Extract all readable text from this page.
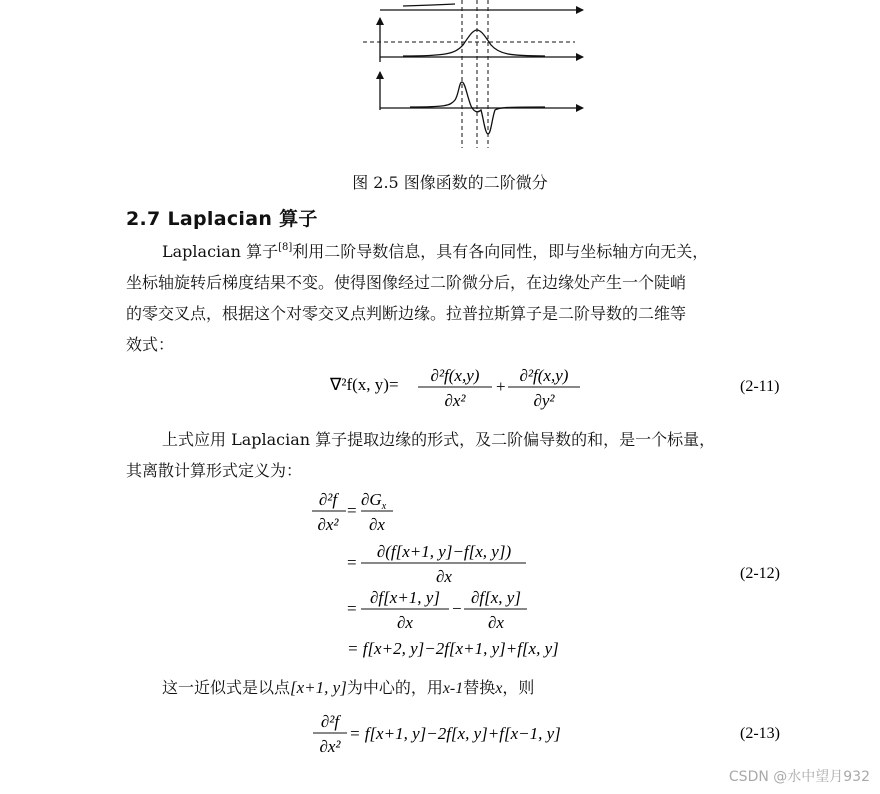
图 2.5 图像函数的二阶微分
2.7 Laplacian 算子
Laplacian 算子[8]利用二阶导数信息，具有各向同性，即与坐标轴方向无关，
坐标轴旋转后梯度结果不变。使得图像经过二阶微分后，在边缘处产生一个陡峭
的零交叉点，根据这个对零交叉点判断边缘。拉普拉斯算子是二阶导数的二维等
效式：
∇²f(x, y)= ∂²f(x,y)
∂x²
+
∂²f(x,y)
∂y²
(2-11)
上式应用 Laplacian 算子提取边缘的形式，及二阶偏导数的和，是一个标量，
其离散计算形式定义为：
∂²f
∂x²
=
$\partial G_x$
∂x
=
∂(f[x+1, y]−f[x, y])
∂x
=
∂f[x+1, y]
∂x
−
∂f[x, y]
∂x
= f[x+2, y]−2f[x+1, y]+f[x, y]
(2-12)
这一近似式是以点[x+1, y]为中心的，用x-1替换x，则
∂²f
∂x²
= f[x+1, y]−2f[x, y]+f[x−1, y]	(2-13)
CSDN @水中望月932
